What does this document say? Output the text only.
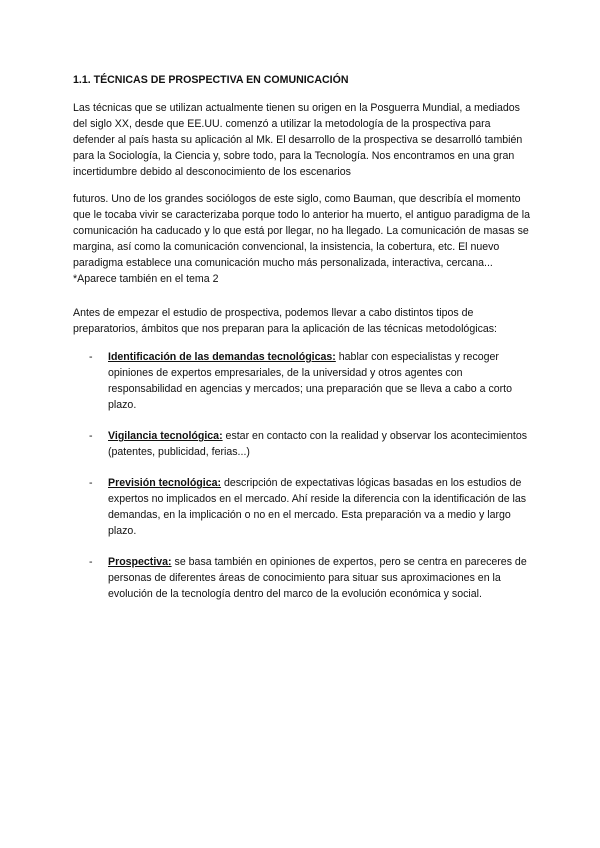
1.1. TÉCNICAS DE PROSPECTIVA EN COMUNICACIÓN

Las técnicas que se utilizan actualmente tienen su origen en la Posguerra Mundial, a mediados del siglo XX, desde que EE.UU. comenzó a utilizar la metodología de la prospectiva para defender al país hasta su aplicación al Mk. El desarrollo de la prospectiva se desarrolló también para la Sociología, la Ciencia y, sobre todo, para la Tecnología. Nos encontramos en una gran incertidumbre debido al desconocimiento de los escenarios

futuros. Uno de los grandes sociólogos de este siglo, como Bauman, que describía el momento que le tocaba vivir se caracterizaba porque todo lo anterior ha muerto, el antiguo paradigma de la comunicación ha caducado y lo que está por llegar, no ha llegado. La comunicación de masas se margina, así como la comunicación convencional, la insistencia, la cobertura, etc. El nuevo paradigma establece una comunicación mucho más personalizada, interactiva, cercana... *Aparece también en el tema 2

Antes de empezar el estudio de prospectiva, podemos llevar a cabo distintos tipos de preparatorios, ámbitos que nos preparan para la aplicación de las técnicas metodológicas:

- Identificación de las demandas tecnológicas: hablar con especialistas y recoger opiniones de expertos empresariales, de la universidad y otros agentes con responsabilidad en agencias y mercados; una preparación que se lleva a cabo a corto plazo.
- Vigilancia tecnológica: estar en contacto con la realidad y observar los acontecimientos (patentes, publicidad, ferias...)
- Previsión tecnológica: descripción de expectativas lógicas basadas en los estudios de expertos no implicados en el mercado. Ahí reside la diferencia con la identificación de las demandas, en la implicación o no en el mercado. Esta preparación va a medio y largo plazo.
- Prospectiva: se basa también en opiniones de expertos, pero se centra en pareceres de personas de diferentes áreas de conocimiento para situar sus aproximaciones en la evolución de la tecnología dentro del marco de la evolución económica y social.
